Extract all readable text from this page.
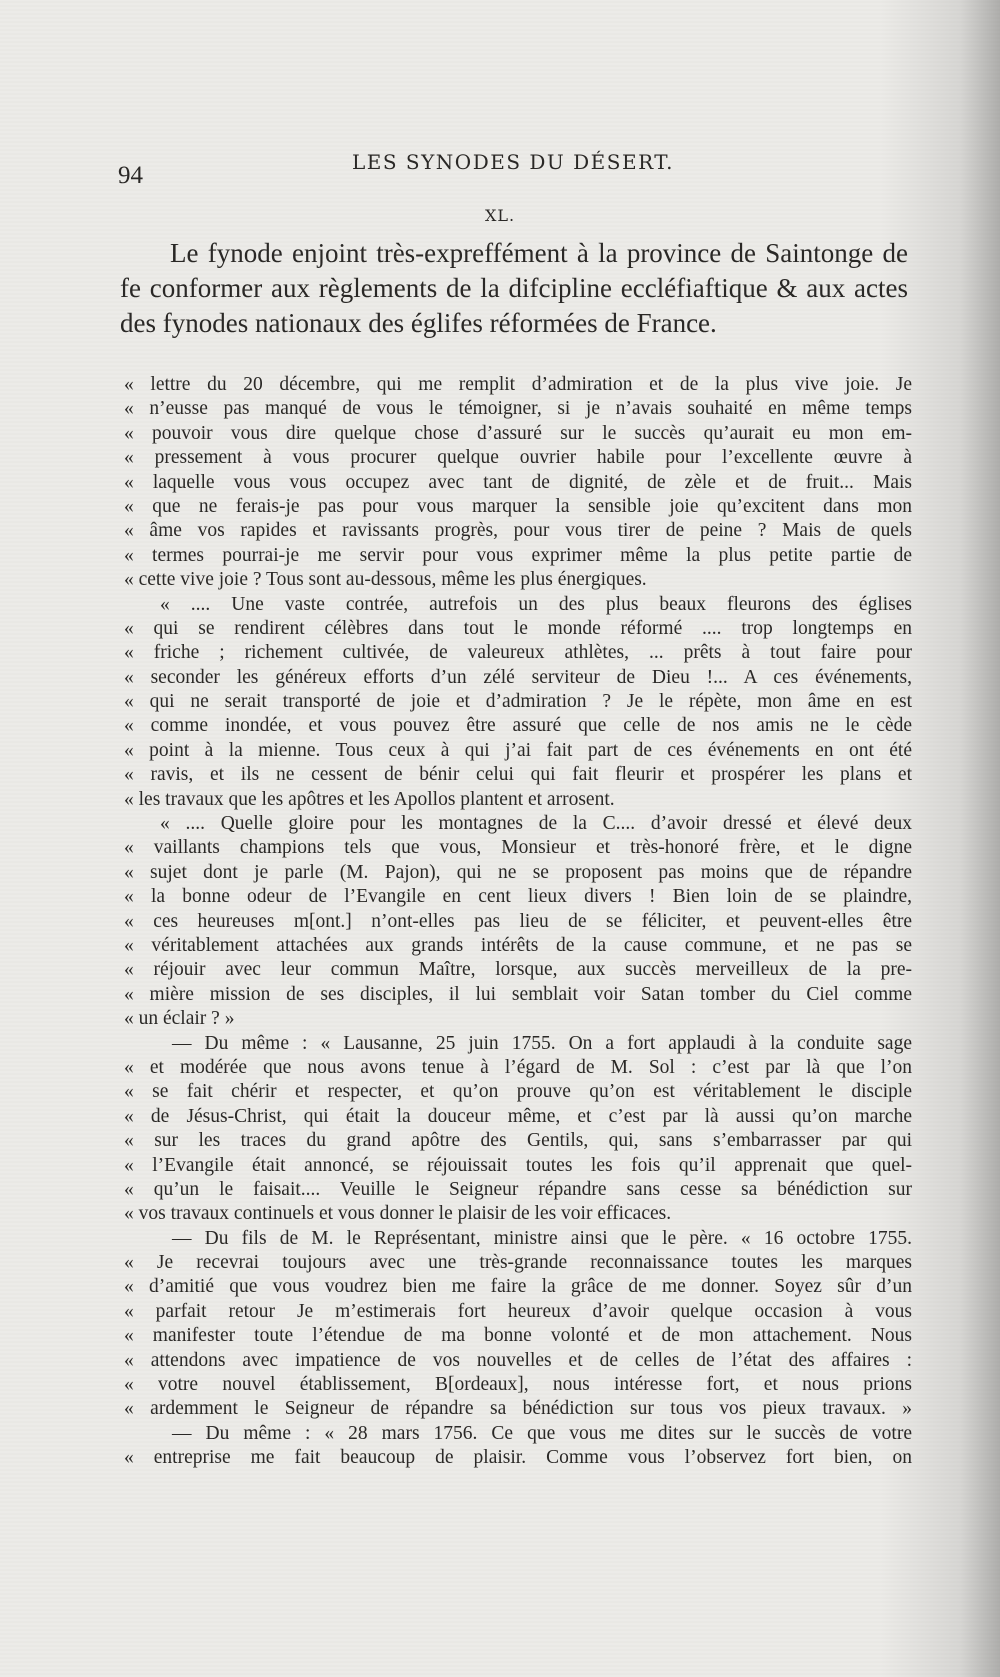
94	LES SYNODES DU DÉSERT.
XL.
Le fynode enjoint très-expreffément à la province de Saintonge de fe conformer aux règlements de la difcipline eccléfiaftique & aux actes des fynodes nationaux des églifes réformées de France.
« lettre du 20 décembre, qui me remplit d’admiration et de la plus vive joie. Je
« n’eusse pas manqué de vous le témoigner, si je n’avais souhaité en même temps
« pouvoir vous dire quelque chose d’assuré sur le succès qu’aurait eu mon em-
« pressement à vous procurer quelque ouvrier habile pour l’excellente œuvre à
« laquelle vous vous occupez avec tant de dignité, de zèle et de fruit... Mais
« que ne ferais-je pas pour vous marquer la sensible joie qu’excitent dans mon
« âme vos rapides et ravissants progrès, pour vous tirer de peine ? Mais de quels
« termes pourrai-je me servir pour vous exprimer même la plus petite partie de
« cette vive joie ? Tous sont au-dessous, même les plus énergiques.
« .... Une vaste contrée, autrefois un des plus beaux fleurons des églises
« qui se rendirent célèbres dans tout le monde réformé .... trop longtemps en
« friche ; richement cultivée, de valeureux athlètes, ... prêts à tout faire pour
« seconder les généreux efforts d’un zélé serviteur de Dieu !... A ces événements,
« qui ne serait transporté de joie et d’admiration ? Je le répète, mon âme en est
« comme inondée, et vous pouvez être assuré que celle de nos amis ne le cède
« point à la mienne. Tous ceux à qui j’ai fait part de ces événements en ont été
« ravis, et ils ne cessent de bénir celui qui fait fleurir et prospérer les plans et
« les travaux que les apôtres et les Apollos plantent et arrosent.
« .... Quelle gloire pour les montagnes de la C.... d’avoir dressé et élevé deux
« vaillants champions tels que vous, Monsieur et très-honoré frère, et le digne
« sujet dont je parle (M. Pajon), qui ne se proposent pas moins que de répandre
« la bonne odeur de l’Evangile en cent lieux divers ! Bien loin de se plaindre,
« ces heureuses m[ont.] n’ont-elles pas lieu de se féliciter, et peuvent-elles être
« véritablement attachées aux grands intérêts de la cause commune, et ne pas se
« réjouir avec leur commun Maître, lorsque, aux succès merveilleux de la pre-
« mière mission de ses disciples, il lui semblait voir Satan tomber du Ciel comme
« un éclair ? »
— Du même : « Lausanne, 25 juin 1755. On a fort applaudi à la conduite sage
« et modérée que nous avons tenue à l’égard de M. Sol : c’est par là que l’on
« se fait chérir et respecter, et qu’on prouve qu’on est véritablement le disciple
« de Jésus-Christ, qui était la douceur même, et c’est par là aussi qu’on marche
« sur les traces du grand apôtre des Gentils, qui, sans s’embarrasser par qui
« l’Evangile était annoncé, se réjouissait toutes les fois qu’il apprenait que quel-
« qu’un le faisait.... Veuille le Seigneur répandre sans cesse sa bénédiction sur
« vos travaux continuels et vous donner le plaisir de les voir efficaces.
— Du fils de M. le Représentant, ministre ainsi que le père. « 16 octobre 1755.
« Je recevrai toujours avec une très-grande reconnaissance toutes les marques
« d’amitié que vous voudrez bien me faire la grâce de me donner. Soyez sûr d’un
« parfait retour Je m’estimerais fort heureux d’avoir quelque occasion à vous
« manifester toute l’étendue de ma bonne volonté et de mon attachement. Nous
« attendons avec impatience de vos nouvelles et de celles de l’état des affaires :
« votre nouvel établissement, B[ordeaux], nous intéresse fort, et nous prions
« ardemment le Seigneur de répandre sa bénédiction sur tous vos pieux travaux. »
— Du même : « 28 mars 1756. Ce que vous me dites sur le succès de votre
« entreprise me fait beaucoup de plaisir. Comme vous l’observez fort bien, on
